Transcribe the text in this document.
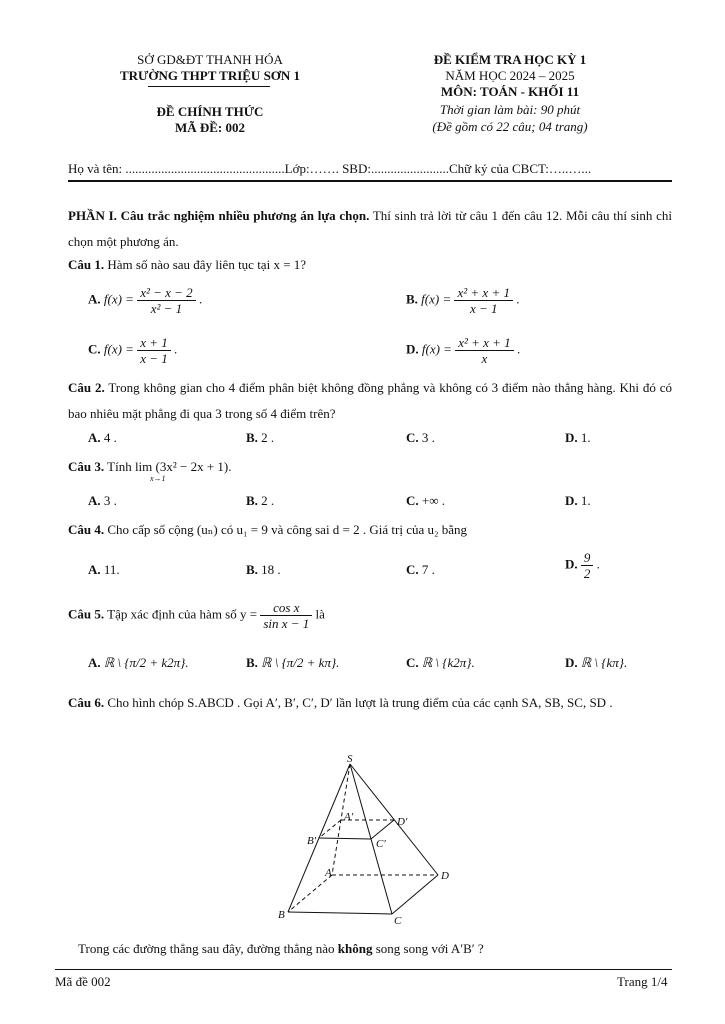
SỞ GD&ĐT THANH HÓA
TRƯỜNG THPT TRIỆU SƠN 1
ĐỀ CHÍNH THỨC
MÃ ĐỀ: 002
ĐỀ KIỂM TRA HỌC KỲ 1
NĂM HỌC 2024 – 2025
MÔN: TOÁN - KHỐI 11
Thời gian làm bài: 90 phút
(Đề gồm có 22 câu; 04 trang)
Họ và tên: .................................................Lớp:……. SBD:........................Chữ ký của CBCT:…..…...
PHẦN I. Câu trắc nghiệm nhiều phương án lựa chọn. Thí sinh trả lời từ câu 1 đến câu 12. Mỗi câu thí sinh chỉ chọn một phương án.
Câu 1. Hàm số nào sau đây liên tục tại x = 1?
A. $f(x) = \frac{\text{x² − x − 2}}{\text{x² − 1}}$ .	B. $f(x) = \frac{\text{x² + x + 1}}{x - 1}$ .
C. $f(x) = \frac{x + 1}{x - 1}$ .	D. $f(x) = \frac{\text{x² + x + 1}}{x}$ .
Câu 2. Trong không gian cho 4 điểm phân biệt không đồng phẳng và không có 3 điểm nào thẳng hàng. Khi đó có bao nhiêu mặt phẳng đi qua 3 trong số 4 điểm trên?
A. 4 .	B. 2 .	C. 3 .	D. 1.
Câu 3. Tính lim (3x² − 2x + 1).
x→1
A. 3 .	B. 2 .	C. +∞ .	D. 1.
Câu 4. Cho cấp số cộng (uₙ) có u₁ = 9 và công sai d = 2 . Giá trị của u₂ bằng
A. 11.	B. 18 .	C. 7 .	D. $\frac{9}{2}$ .
Câu 5. Tập xác định của hàm số $y = \frac{\text{cos x}}{\text{sin x − 1}}$ là
A. ℝ \ {π/2 + k2π}.	B. ℝ \ {π/2 + kπ}.	C. ℝ \ {k2π}.	D. ℝ \ {kπ}.
Câu 6. Cho hình chóp S.ABCD . Gọi A′, B′, C′, D′ lần lượt là trung điểm của các cạnh SA, SB, SC, SD .
S
A
B	C
D
A′
B′	C′
D′
Trong các đường thẳng sau đây, đường thẳng nào không song song với A′B′ ?
Mã đề 002	Trang 1/4
